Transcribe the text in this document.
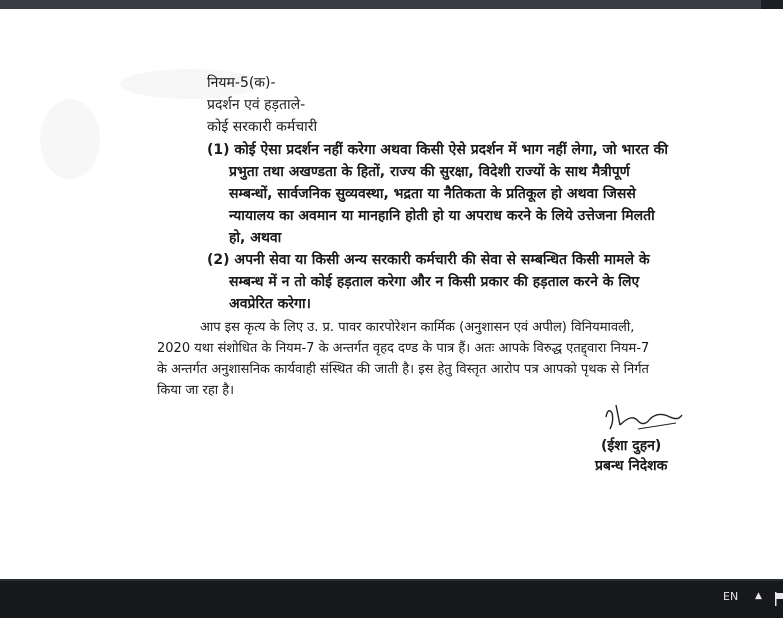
नियम-5(क)-
प्रदर्शन एवं हड़ताले-
कोई सरकारी कर्मचारी
(1) कोई ऐसा प्रदर्शन नहीं करेगा अथवा किसी ऐसे प्रदर्शन में भाग नहीं लेगा, जो भारत की
प्रभुता तथा अखण्डता के हितों, राज्य की सुरक्षा, विदेशी राज्यों के साथ मैत्रीपूर्ण
सम्बन्धों, सार्वजनिक सुव्यवस्था, भद्रता या नैतिकता के प्रतिकूल हो अथवा जिससे
न्यायालय का अवमान या मानहानि होती हो या अपराध करने के लिये उत्तेजना मिलती
हो, अथवा
(2) अपनी सेवा या किसी अन्य सरकारी कर्मचारी की सेवा से सम्बन्धित किसी मामले के
सम्बन्ध में न तो कोई हड़ताल करेगा और न किसी प्रकार की हड़ताल करने के लिए
अवप्रेरित करेगा।
आप इस कृत्य के लिए उ. प्र. पावर कारपोरेशन कार्मिक (अनुशासन एवं अपील) विनियमावली,
2020 यथा संशोधित के नियम-7 के अन्तर्गत वृहद दण्ड के पात्र हैं। अतः आपके विरुद्ध एतद्द्वारा नियम-7
के अन्तर्गत अनुशासनिक कार्यवाही संस्थित की जाती है। इस हेतु विस्तृत आरोप पत्र आपको पृथक से निर्गत
किया जा रहा है।
(ईशा दुहन)
प्रबन्ध निदेशक
EN ▲
